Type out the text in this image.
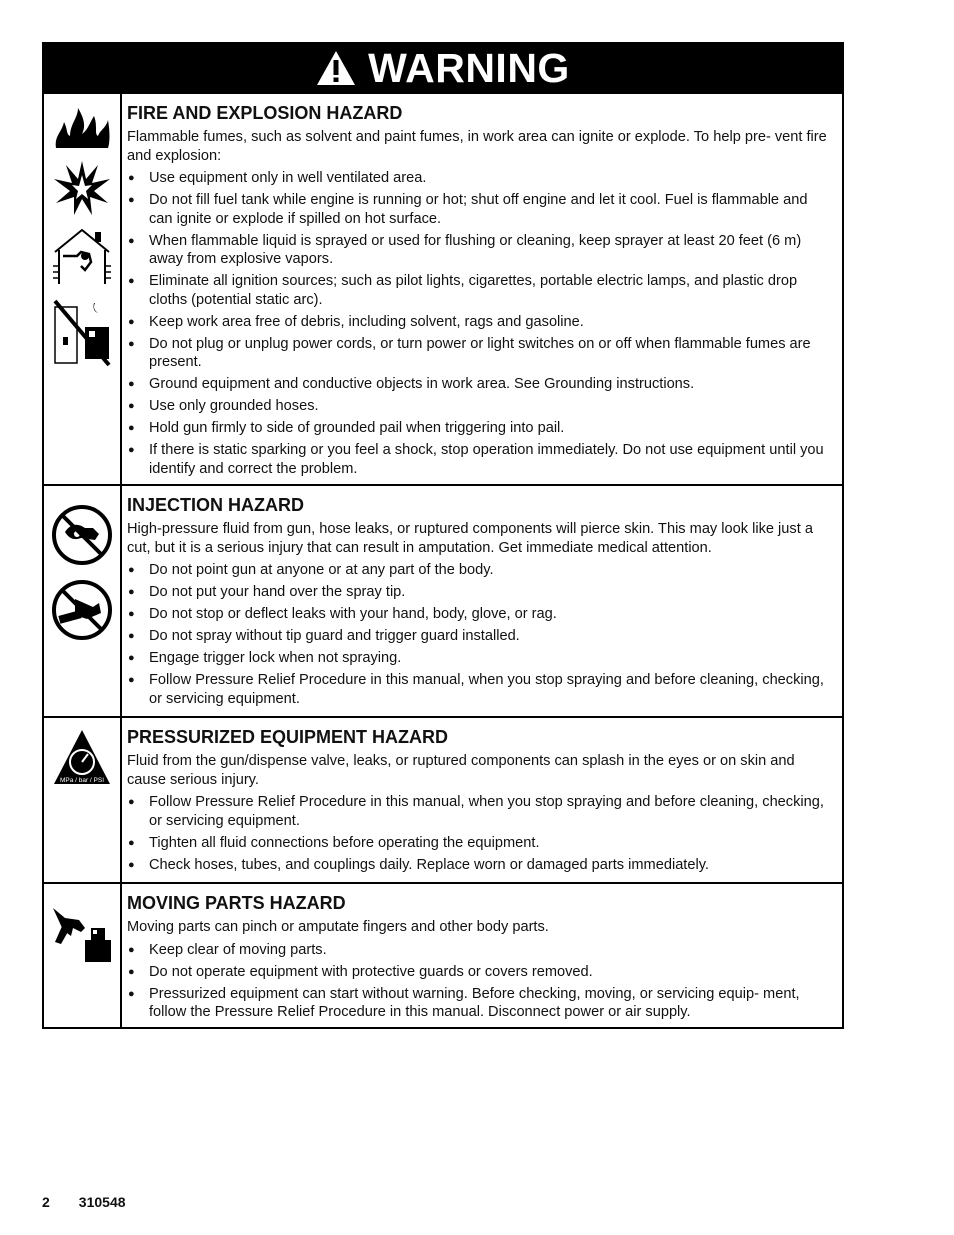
WARNING
FIRE AND EXPLOSION HAZARD

Flammable fumes, such as solvent and paint fumes, in work area can ignite or explode. To help pre- vent fire and explosion:

● Use equipment only in well ventilated area.
● Do not fill fuel tank while engine is running or hot; shut off engine and let it cool. Fuel is flammable and can ignite or explode if spilled on hot surface.
● When flammable liquid is sprayed or used for flushing or cleaning, keep sprayer at least 20 feet (6 m) away from explosive vapors.
● Eliminate all ignition sources; such as pilot lights, cigarettes, portable electric lamps, and plastic drop cloths (potential static arc).
● Keep work area free of debris, including solvent, rags and gasoline.
● Do not plug or unplug power cords, or turn power or light switches on or off when flammable fumes are present.
● Ground equipment and conductive objects in work area. See Grounding instructions.
● Use only grounded hoses.
● Hold gun firmly to side of grounded pail when triggering into pail.
● If there is static sparking or you feel a shock, stop operation immediately. Do not use equipment until you identify and correct the problem.
INJECTION HAZARD

High-pressure fluid from gun, hose leaks, or ruptured components will pierce skin. This may look like just a cut, but it is a serious injury that can result in amputation. Get immediate medical attention.

● Do not point gun at anyone or at any part of the body.
● Do not put your hand over the spray tip.
● Do not stop or deflect leaks with your hand, body, glove, or rag.
● Do not spray without tip guard and trigger guard installed.
● Engage trigger lock when not spraying.
● Follow Pressure Relief Procedure in this manual, when you stop spraying and before cleaning, checking, or servicing equipment.
MPa / bar / PSI
PRESSURIZED EQUIPMENT HAZARD

Fluid from the gun/dispense valve, leaks, or ruptured components can splash in the eyes or on skin and cause serious injury.

● Follow Pressure Relief Procedure in this manual, when you stop spraying and before cleaning, checking, or servicing equipment.
● Tighten all fluid connections before operating the equipment.
● Check hoses, tubes, and couplings daily. Replace worn or damaged parts immediately.
MOVING PARTS HAZARD

Moving parts can pinch or amputate fingers and other body parts.

● Keep clear of moving parts.
● Do not operate equipment with protective guards or covers removed.
● Pressurized equipment can start without warning. Before checking, moving, or servicing equip- ment, follow the Pressure Relief Procedure in this manual. Disconnect power or air supply.
2 310548
